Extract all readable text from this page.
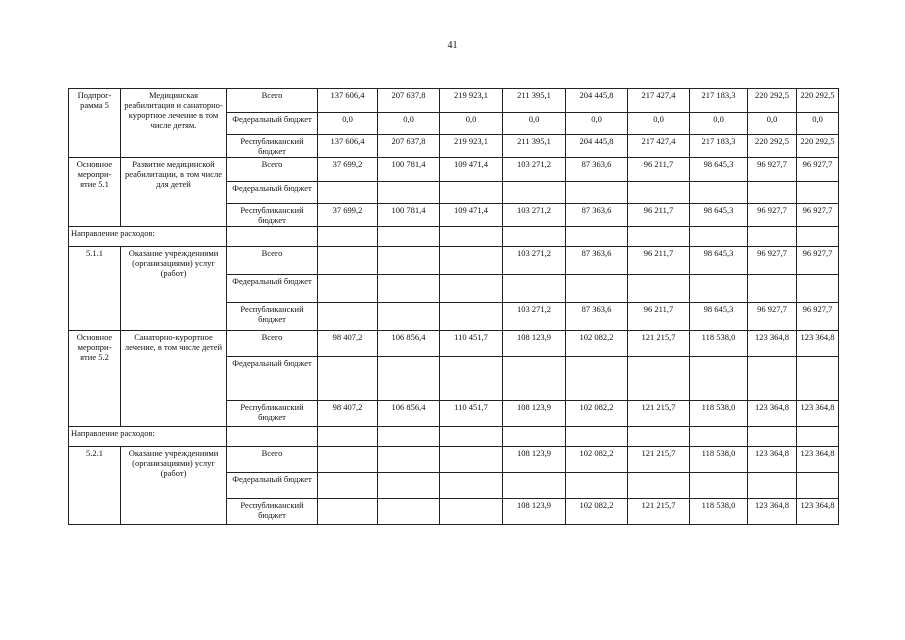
41
Подпрог-
рамма 5	Медицинская реабилитация и санаторно-курортное лечение в том числе детям.	Всего	137 606,4	207 637,8	219 923,1	211 395,1	204 445,8	217 427,4	217 183,3	220 292,5	220 292,5
		Федеральный бюджет	0,0	0,0	0,0	0,0	0,0	0,0	0,0	0,0	0,0
		Республиканский бюджет	137 606,4	207 637,8	219 923,1	211 395,1	204 445,8	217 427,4	217 183,3	220 292,5	220 292,5
Основное меропри-ятие 5.1	Развитие медицинской реабилитации, в том числе для детей	Всего	37 699,2	100 781,4	109 471,4	103 271,2	87 363,6	96 211,7	98 645,3	96 927,7	96 927,7
		Федеральный бюджет									
		Республиканский бюджет	37 699,2	100 781,4	109 471,4	103 271,2	87 363,6	96 211,7	98 645,3	96 927,7	96 927,7
Направление расходов:											
5.1.1	Оказание учреждениями (организациями) услуг (работ)	Всего				103 271,2	87 363,6	96 211,7	98 645,3	96 927,7	96 927,7
		Федеральный бюджет									
		Республиканский бюджет				103 271,2	87 363,6	96 211,7	98 645,3	96 927,7	96 927,7
Основное меропри-ятие 5.2	Санаторно-курортное лечение, в том числе детей	Всего	98 407,2	106 856,4	110 451,7	108 123,9	102 082,2	121 215,7	118 538,0	123 364,8	123 364,8
		Федеральный бюджет									
		Республиканский бюджет	98 407,2	106 856,4	110 451,7	108 123,9	102 082,2	121 215,7	118 538,0	123 364,8	123 364,8
Направление расходов:											
5.2.1	Оказание учреждениями (организациями) услуг (работ)	Всего				108 123,9	102 082,2	121 215,7	118 538,0	123 364,8	123 364,8
		Федеральный бюджет									
		Республиканский бюджет				108 123,9	102 082,2	121 215,7	118 538,0	123 364,8	123 364,8
